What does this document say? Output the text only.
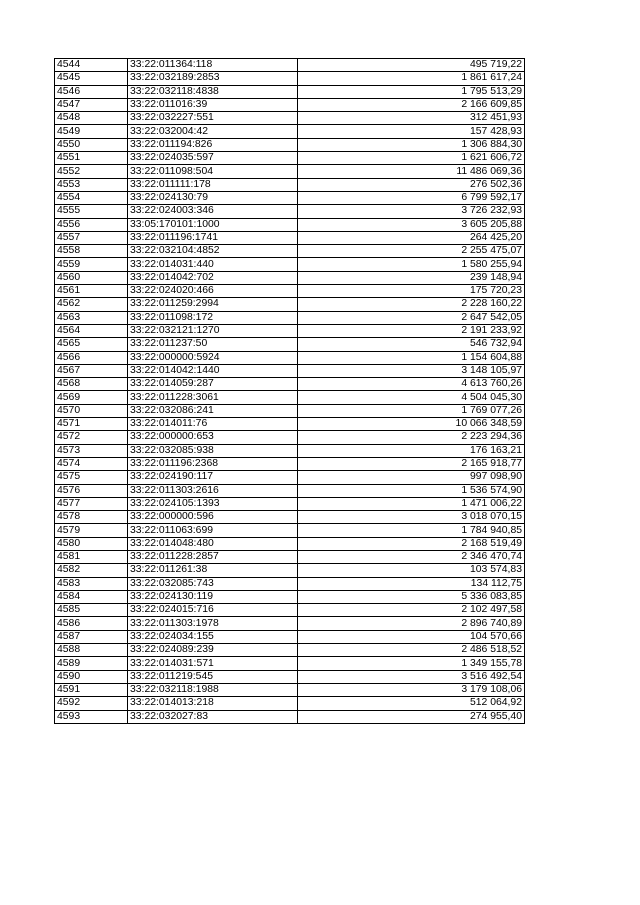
4544	33:22:011364:118	495 719,22
4545	33:22:032189:2853	1 861 617,24
4546	33:22:032118:4838	1 795 513,29
4547	33:22:011016:39	2 166 609,85
4548	33:22:032227:551	312 451,93
4549	33:22:032004:42	157 428,93
4550	33:22:011194:826	1 306 884,30
4551	33:22:024035:597	1 621 606,72
4552	33:22:011098:504	11 486 069,36
4553	33:22:011111:178	276 502,36
4554	33:22:024130:79	6 799 592,17
4555	33:22:024003:346	3 726 232,93
4556	33:05:170101:1000	3 605 205,88
4557	33:22:011196:1741	264 425,20
4558	33:22:032104:4852	2 255 475,07
4559	33:22:014031:440	1 580 255,94
4560	33:22:014042:702	239 148,94
4561	33:22:024020:466	175 720,23
4562	33:22:011259:2994	2 228 160,22
4563	33:22:011098:172	2 647 542,05
4564	33:22:032121:1270	2 191 233,92
4565	33:22:011237:50	546 732,94
4566	33:22:000000:5924	1 154 604,88
4567	33:22:014042:1440	3 148 105,97
4568	33:22:014059:287	4 613 760,26
4569	33:22:011228:3061	4 504 045,30
4570	33:22:032086:241	1 769 077,26
4571	33:22:014011:76	10 066 348,59
4572	33:22:000000:653	2 223 294,36
4573	33:22:032085:938	176 163,21
4574	33:22:011196:2368	2 165 918,77
4575	33:22:024190:117	997 098,90
4576	33:22:011303:2616	1 536 574,90
4577	33:22:024105:1393	1 471 006,22
4578	33:22:000000:596	3 018 070,15
4579	33:22:011063:699	1 784 940,85
4580	33:22:014048:480	2 168 519,49
4581	33:22:011228:2857	2 346 470,74
4582	33:22:011261:38	103 574,83
4583	33:22:032085:743	134 112,75
4584	33:22:024130:119	5 336 083,85
4585	33:22:024015:716	2 102 497,58
4586	33:22:011303:1978	2 896 740,89
4587	33:22:024034:155	104 570,66
4588	33:22:024089:239	2 486 518,52
4589	33:22:014031:571	1 349 155,78
4590	33:22:011219:545	3 516 492,54
4591	33:22:032118:1988	3 179 108,06
4592	33:22:014013:218	512 064,92
4593	33:22:032027:83	274 955,40
